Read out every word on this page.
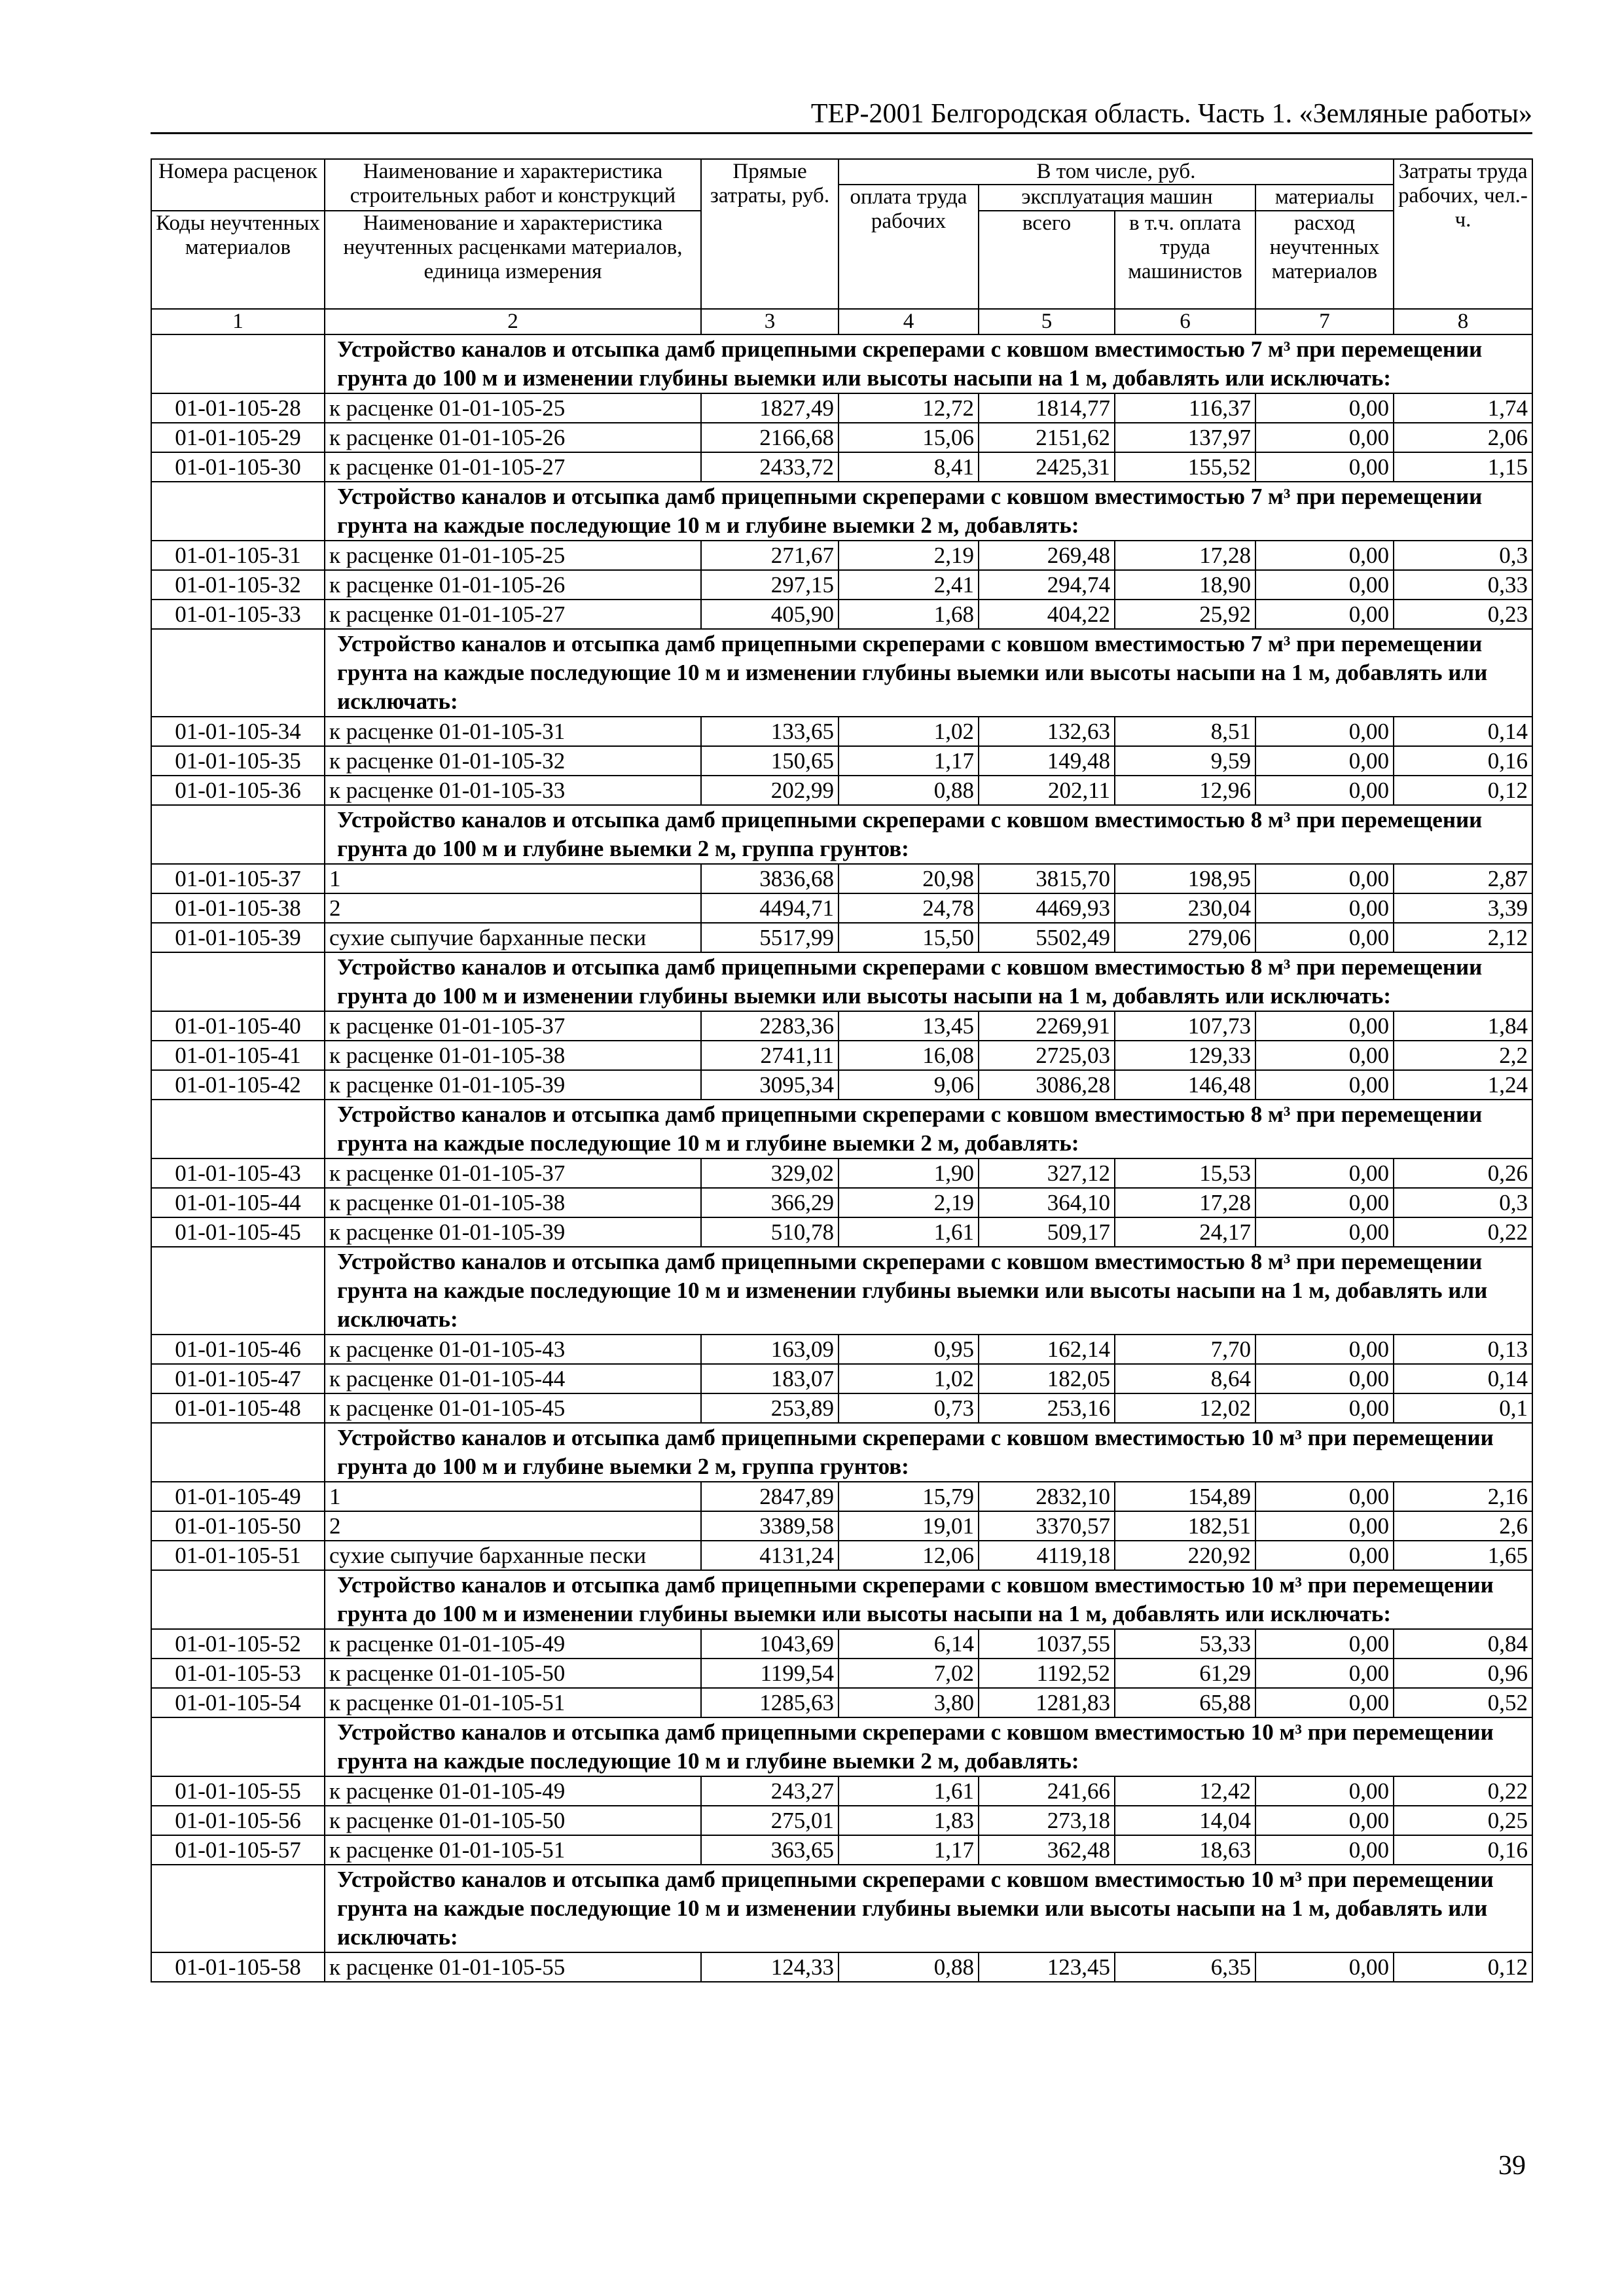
ТЕР-2001 Белгородская область. Часть 1. «Земляные работы»
Номера расценок	Наименование и характеристика строительных работ и конструкций	Прямые затраты, руб.	В том числе, руб.				Затраты труда рабочих, чел.-ч.
			оплата труда рабочих	эксплуатация машин		материалы	
Коды неучтенных материалов	Наименование и характеристика неучтенных расценками материалов, единица измерения			всего	в т.ч. оплата труда машинистов	расход неучтенных материалов	

1	2	3	4	5	6	7	8
	Устройство каналов и отсыпка дамб прицепными скреперами с ковшом вместимостью 7 м³ при перемещении грунта до 100 м и изменении глубины выемки или высоты насыпи на 1 м, добавлять или исключать:						
01-01-105-28	к расценке 01-01-105-25	1827,49	12,72	1814,77	116,37	0,00	1,74
01-01-105-29	к расценке 01-01-105-26	2166,68	15,06	2151,62	137,97	0,00	2,06
01-01-105-30	к расценке 01-01-105-27	2433,72	8,41	2425,31	155,52	0,00	1,15
	Устройство каналов и отсыпка дамб прицепными скреперами с ковшом вместимостью 7 м³ при перемещении грунта на каждые последующие 10 м и глубине выемки 2 м, добавлять:						
01-01-105-31	к расценке 01-01-105-25	271,67	2,19	269,48	17,28	0,00	0,3
01-01-105-32	к расценке 01-01-105-26	297,15	2,41	294,74	18,90	0,00	0,33
01-01-105-33	к расценке 01-01-105-27	405,90	1,68	404,22	25,92	0,00	0,23
	Устройство каналов и отсыпка дамб прицепными скреперами с ковшом вместимостью 7 м³ при перемещении грунта на каждые последующие 10 м и изменении глубины выемки или высоты насыпи на 1 м, добавлять или исключать:						
01-01-105-34	к расценке 01-01-105-31	133,65	1,02	132,63	8,51	0,00	0,14
01-01-105-35	к расценке 01-01-105-32	150,65	1,17	149,48	9,59	0,00	0,16
01-01-105-36	к расценке 01-01-105-33	202,99	0,88	202,11	12,96	0,00	0,12
	Устройство каналов и отсыпка дамб прицепными скреперами с ковшом вместимостью 8 м³ при перемещении грунта до 100 м и глубине выемки 2 м, группа грунтов:						
01-01-105-37	1	3836,68	20,98	3815,70	198,95	0,00	2,87
01-01-105-38	2	4494,71	24,78	4469,93	230,04	0,00	3,39
01-01-105-39	сухие сыпучие барханные пески	5517,99	15,50	5502,49	279,06	0,00	2,12
	Устройство каналов и отсыпка дамб прицепными скреперами с ковшом вместимостью 8 м³ при перемещении грунта до 100 м и изменении глубины выемки или высоты насыпи на 1 м, добавлять или исключать:						
01-01-105-40	к расценке 01-01-105-37	2283,36	13,45	2269,91	107,73	0,00	1,84
01-01-105-41	к расценке 01-01-105-38	2741,11	16,08	2725,03	129,33	0,00	2,2
01-01-105-42	к расценке 01-01-105-39	3095,34	9,06	3086,28	146,48	0,00	1,24
	Устройство каналов и отсыпка дамб прицепными скреперами с ковшом вместимостью 8 м³ при перемещении грунта на каждые последующие 10 м и глубине выемки 2 м, добавлять:						
01-01-105-43	к расценке 01-01-105-37	329,02	1,90	327,12	15,53	0,00	0,26
01-01-105-44	к расценке 01-01-105-38	366,29	2,19	364,10	17,28	0,00	0,3
01-01-105-45	к расценке 01-01-105-39	510,78	1,61	509,17	24,17	0,00	0,22
	Устройство каналов и отсыпка дамб прицепными скреперами с ковшом вместимостью 8 м³ при перемещении грунта на каждые последующие 10 м и изменении глубины выемки или высоты насыпи на 1 м, добавлять или исключать:						
01-01-105-46	к расценке 01-01-105-43	163,09	0,95	162,14	7,70	0,00	0,13
01-01-105-47	к расценке 01-01-105-44	183,07	1,02	182,05	8,64	0,00	0,14
01-01-105-48	к расценке 01-01-105-45	253,89	0,73	253,16	12,02	0,00	0,1
	Устройство каналов и отсыпка дамб прицепными скреперами с ковшом вместимостью 10 м³ при перемещении грунта до 100 м и глубине выемки 2 м, группа грунтов:						
01-01-105-49	1	2847,89	15,79	2832,10	154,89	0,00	2,16
01-01-105-50	2	3389,58	19,01	3370,57	182,51	0,00	2,6
01-01-105-51	сухие сыпучие барханные пески	4131,24	12,06	4119,18	220,92	0,00	1,65
	Устройство каналов и отсыпка дамб прицепными скреперами с ковшом вместимостью 10 м³ при перемещении грунта до 100 м и изменении глубины выемки или высоты насыпи на 1 м, добавлять или исключать:						
01-01-105-52	к расценке 01-01-105-49	1043,69	6,14	1037,55	53,33	0,00	0,84
01-01-105-53	к расценке 01-01-105-50	1199,54	7,02	1192,52	61,29	0,00	0,96
01-01-105-54	к расценке 01-01-105-51	1285,63	3,80	1281,83	65,88	0,00	0,52
	Устройство каналов и отсыпка дамб прицепными скреперами с ковшом вместимостью 10 м³ при перемещении грунта на каждые последующие 10 м и глубине выемки 2 м, добавлять:						
01-01-105-55	к расценке 01-01-105-49	243,27	1,61	241,66	12,42	0,00	0,22
01-01-105-56	к расценке 01-01-105-50	275,01	1,83	273,18	14,04	0,00	0,25
01-01-105-57	к расценке 01-01-105-51	363,65	1,17	362,48	18,63	0,00	0,16
	Устройство каналов и отсыпка дамб прицепными скреперами с ковшом вместимостью 10 м³ при перемещении грунта на каждые последующие 10 м и изменении глубины выемки или высоты насыпи на 1 м, добавлять или исключать:						
01-01-105-58	к расценке 01-01-105-55	124,33	0,88	123,45	6,35	0,00	0,12
39
